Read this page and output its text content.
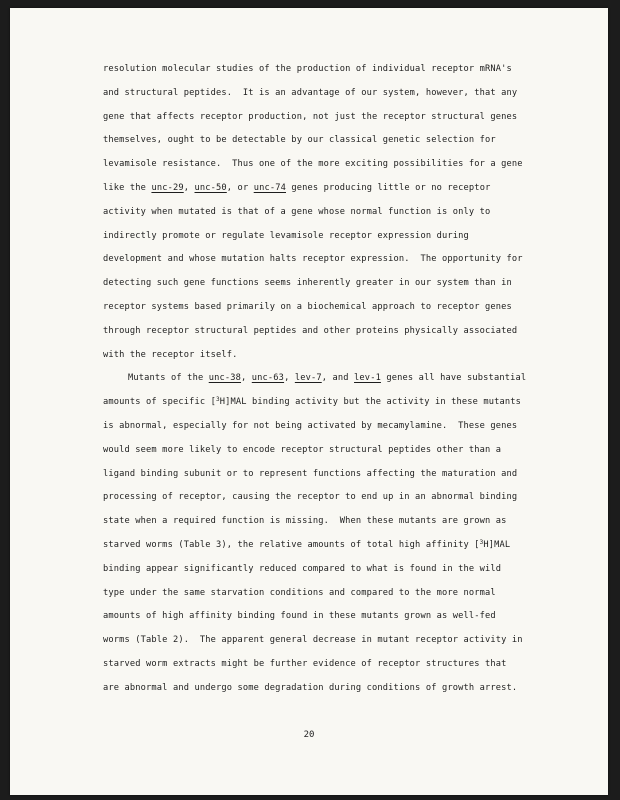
resolution molecular studies of the production of individual receptor mRNA's
and structural peptides.  It is an advantage of our system, however, that any
gene that affects receptor production, not just the receptor structural genes
themselves, ought to be detectable by our classical genetic selection for
levamisole resistance.  Thus one of the more exciting possibilities for a gene
like the unc-29, unc-50, or unc-74 genes producing little or no receptor
activity when mutated is that of a gene whose normal function is only to
indirectly promote or regulate levamisole receptor expression during
development and whose mutation halts receptor expression.  The opportunity for
detecting such gene functions seems inherently greater in our system than in
receptor systems based primarily on a biochemical approach to receptor genes
through receptor structural peptides and other proteins physically associated
with the receptor itself.
Mutants of the unc-38, unc-63, lev-7, and lev-1 genes all have substantial
amounts of specific [$^3$H]MAL binding activity but the activity in these mutants
is abnormal, especially for not being activated by mecamylamine.  These genes
would seem more likely to encode receptor structural peptides other than a
ligand binding subunit or to represent functions affecting the maturation and
processing of receptor, causing the receptor to end up in an abnormal binding
state when a required function is missing.  When these mutants are grown as
starved worms (Table 3), the relative amounts of total high affinity [$^3$H]MAL
binding appear significantly reduced compared to what is found in the wild
type under the same starvation conditions and compared to the more normal
amounts of high affinity binding found in these mutants grown as well-fed
worms (Table 2).  The apparent general decrease in mutant receptor activity in
starved worm extracts might be further evidence of receptor structures that
are abnormal and undergo some degradation during conditions of growth arrest.
20
